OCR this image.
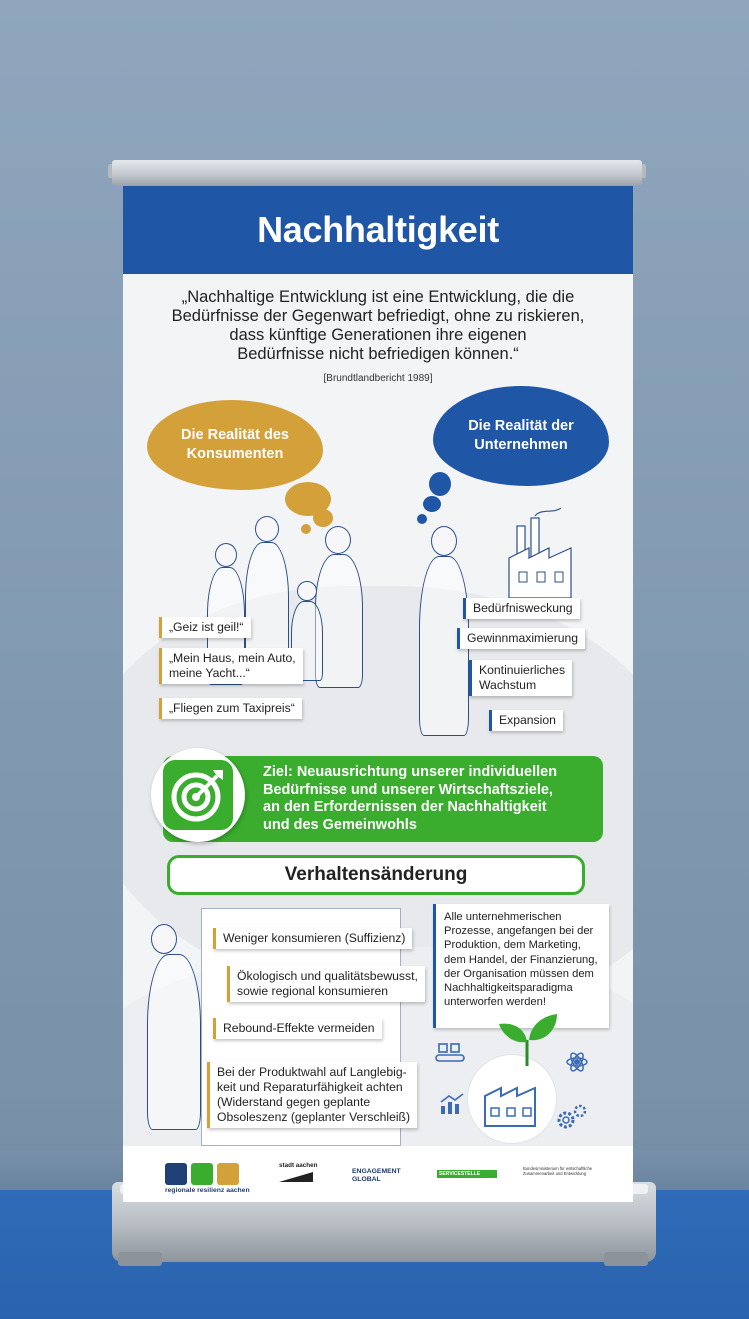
Nachhaltigkeit
„Nachhaltige Entwicklung ist eine Entwicklung, die die
Bedürfnisse der Gegenwart befriedigt, ohne zu riskieren,
dass künftige Generationen ihre eigenen
Bedürfnisse nicht befriedigen können.“
[Brundtlandbericht 1989]
Die Realität des
Konsumenten
Die Realität der
Unternehmen
„Geiz ist geil!“
„Mein Haus, mein Auto,
meine Yacht...“
„Fliegen zum Taxipreis“
Bedürfnisweckung
Gewinnmaximierung
Kontinuierliches
Wachstum
Expansion
Ziel: Neuausrichtung unserer individuellen
Bedürfnisse und unserer Wirtschaftsziele,
an den Erfordernissen der Nachhaltigkeit
und des Gemeinwohls
Verhaltensänderung
Weniger konsumieren (Suffizienz)
Ökologisch und qualitätsbewusst,
sowie regional konsumieren
Rebound-Effekte vermeiden
Bei der Produktwahl auf Langlebig-
keit und Reparaturfähigkeit achten
(Widerstand gegen geplante
Obsoleszenz (geplanter Verschleiß)
Alle unternehmerischen
Prozesse, angefangen bei der
Produktion, dem Marketing,
dem Handel, der Finanzierung,
der Organisation müssen dem
Nachhaltigkeitsparadigma
unterworfen werden!
regionale resilienz aachen
stadt aachen
ENGAGEMENT
GLOBAL
SERVICESTELLE
Bundesministerium für wirtschaftliche Zusammenarbeit und Entwicklung
